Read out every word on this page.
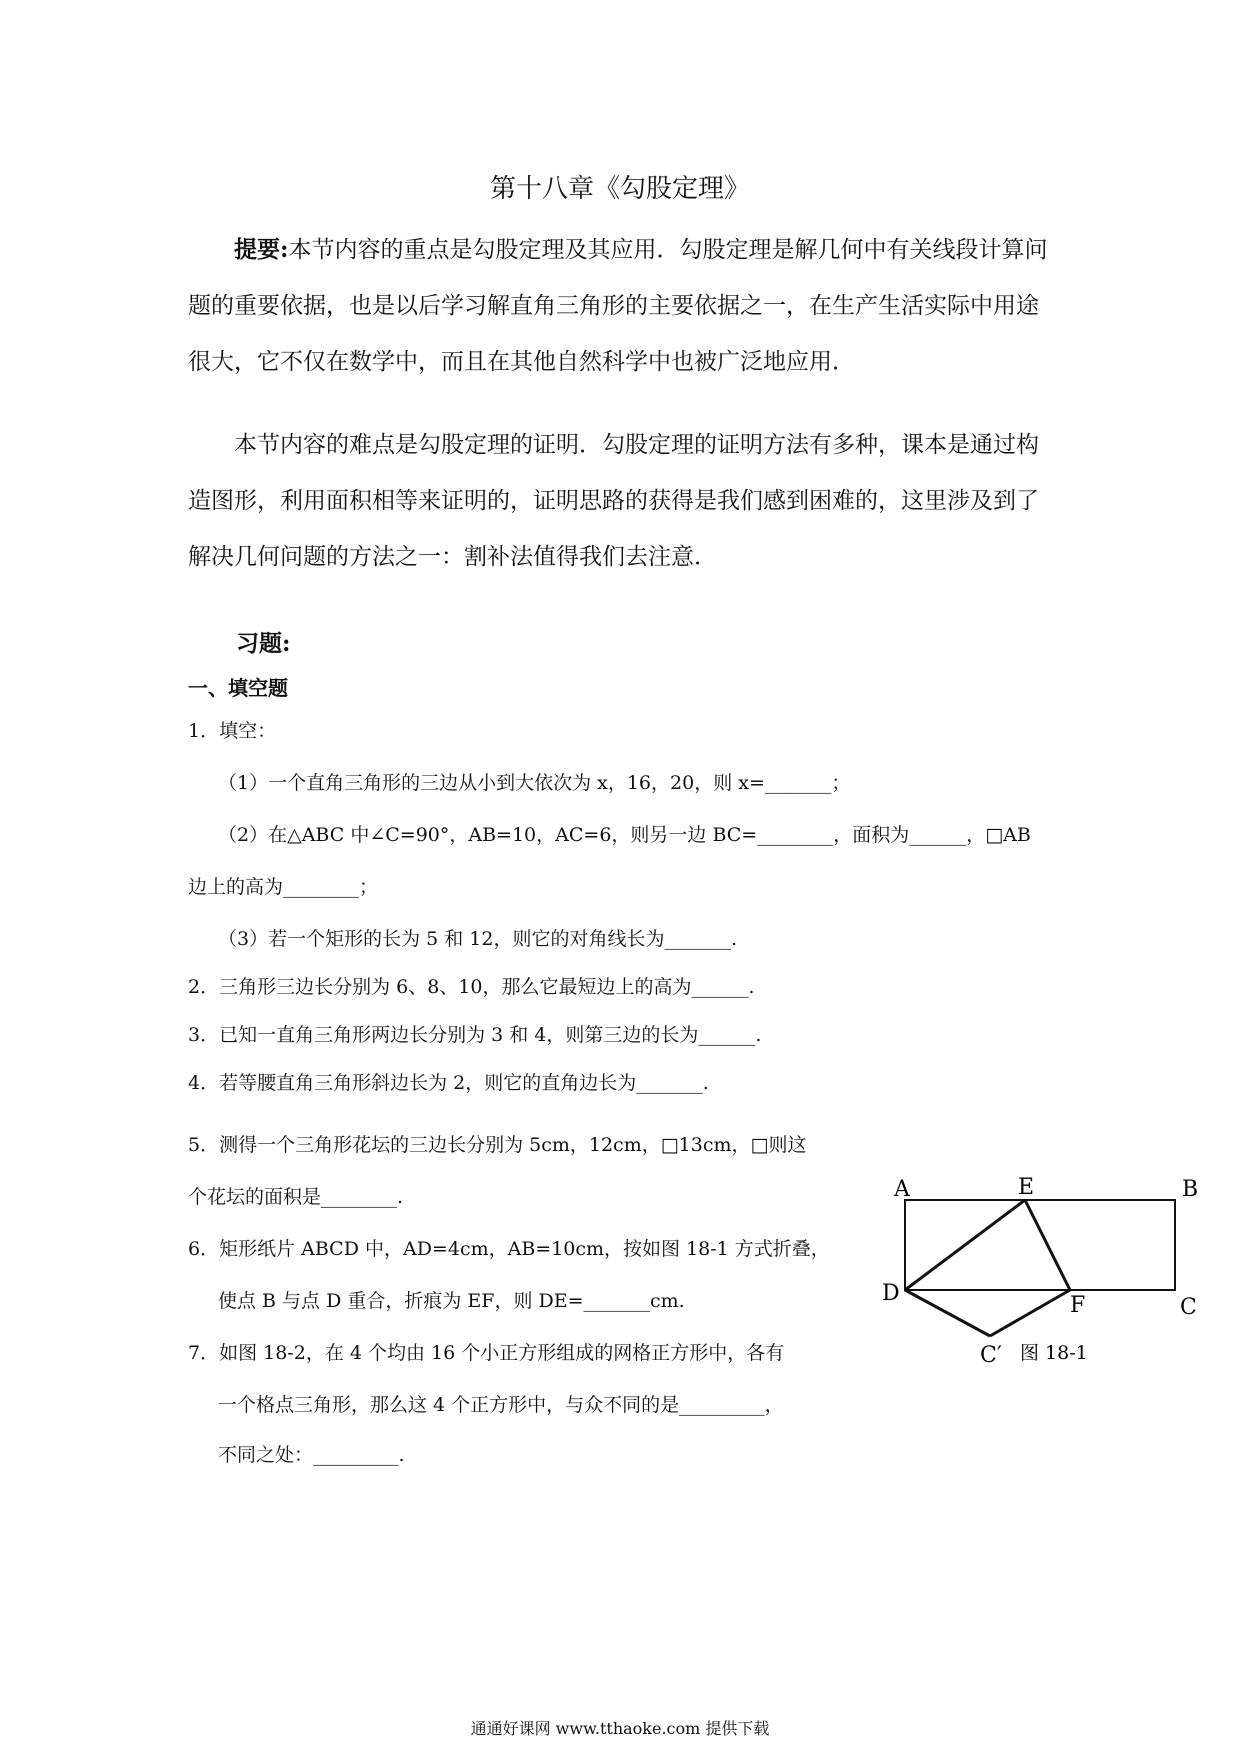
第十八章《勾股定理》
提要:本节内容的重点是勾股定理及其应用．勾股定理是解几何中有关线段计算问题的重要依据，也是以后学习解直角三角形的主要依据之一，在生产生活实际中用途很大，它不仅在数学中，而且在其他自然科学中也被广泛地应用．
本节内容的难点是勾股定理的证明．勾股定理的证明方法有多种，课本是通过构造图形，利用面积相等来证明的，证明思路的获得是我们感到困难的，这里涉及到了解决几何问题的方法之一：割补法值得我们去注意．
习题:
一、填空题
1．填空：
（1）一个直角三角形的三边从小到大依次为 x，16，20，则 x=_______；
（2）在△ABC 中∠C=90°，AB=10，AC=6，则另一边 BC=________，面积为______，□AB
边上的高为________；
（3）若一个矩形的长为 5 和 12，则它的对角线长为_______.
2．三角形三边长分别为 6、8、10，那么它最短边上的高为______.
3．已知一直角三角形两边长分别为 3 和 4，则第三边的长为______.
4．若等腰直角三角形斜边长为 2，则它的直角边长为_______.
5．测得一个三角形花坛的三边长分别为 5cm，12cm，□13cm，□则这
个花坛的面积是________.
6．矩形纸片 ABCD 中，AD=4cm，AB=10cm，按如图 18-1 方式折叠，
使点 B 与点 D 重合，折痕为 EF，则 DE=_______cm.
7．如图 18-2，在 4 个均由 16 个小正方形组成的网格正方形中，各有
一个格点三角形，那么这 4 个正方形中，与众不同的是_________，
不同之处：_________.
A	E	B
D	F	C
C′ 图 18-1
通通好课网 www.tthaoke.com 提供下载
